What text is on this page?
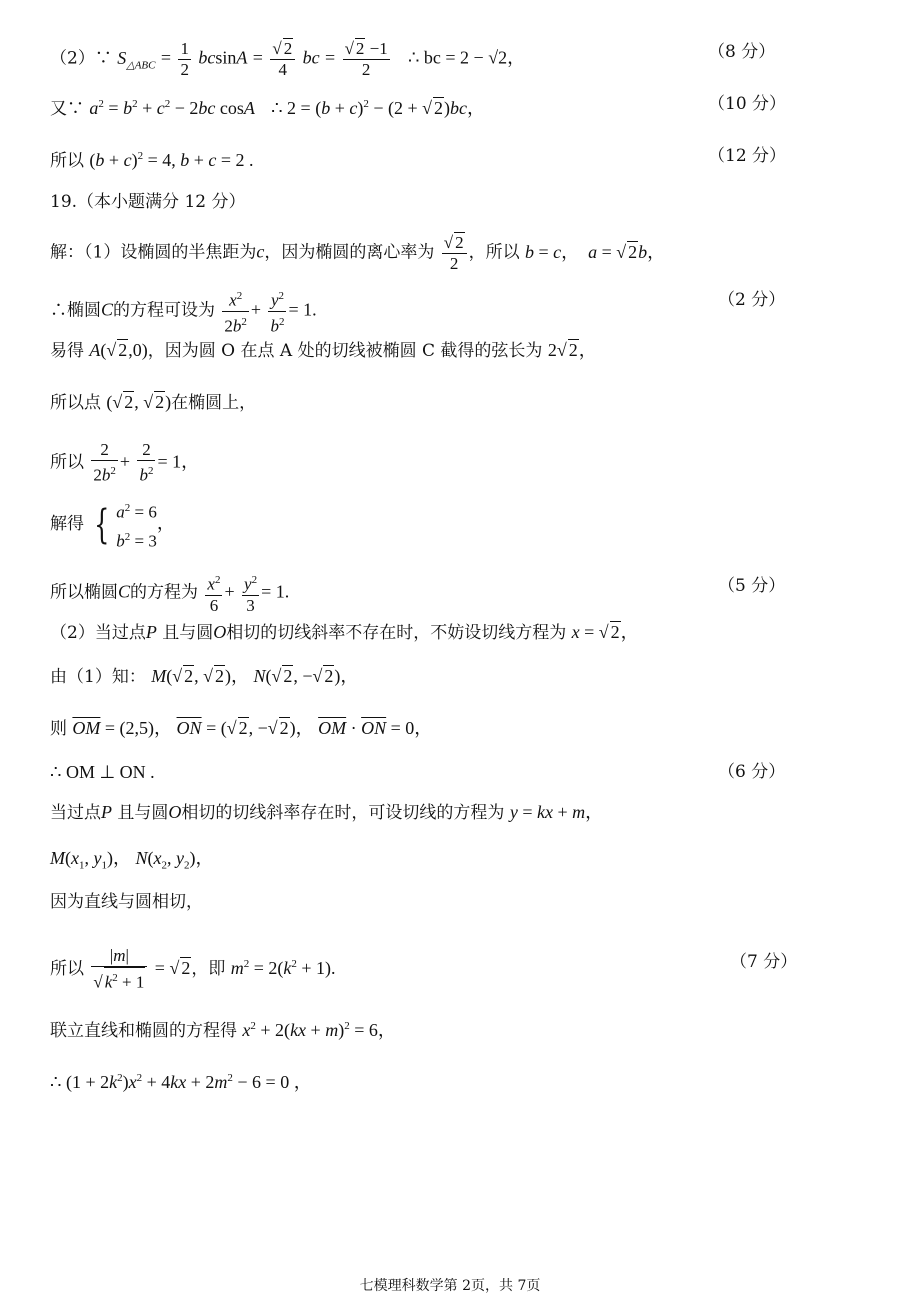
（2）∵ $S_{\triangle ABC} = \frac{1}{2}$ $bcsinA = \frac{√ 2}{4}$ bc = $\frac{√ 2 -1}{2}$ ∴ bc = 2 − √2，	（8 分）
又∵ $a^2 = b^2 + c^2 - 2bc$ cosA ∴ $2 = (b + c)^2 - (2$ + √ 2)bc，	（10 分）
所以 $(b + c)^2 = 4$, b + c = 2 .	（12 分）
19.（本小题满分 12 分）
解：（1）设椭圆的半焦距为c，因为椭圆的离心率为 $\frac{√ 2}{2}$ ，所以 b = c，  a = √ 2b，
∴椭圆C的方程可设为 $\frac{x^2}{2b^2} + \frac{y^2}{b^2} = 1$.	（2 分）
易得 A(√ 2,0)，因为圆 O 在点 A 处的切线被椭圆 C 截得的弦长为 2√ 2，
所以点 (√ 2, √ 2)在椭圆上，
所以 $\frac{2}{2b^2} + \frac{2}{b^2} = 1$，
解得 { $a^2 = 6$
$b^2 = 3$
，
所以椭圆C的方程为 $\frac{x^2}{6} + \frac{y^2}{3} = 1$.	（5 分）
（2）当过点P 且与圆O相切的切线斜率不存在时，不妨设切线方程为 x = √ 2，
由（1）知： M(√ 2, √ 2)， N(√ 2, −√ 2)，
则 $\overline{OM} = (2,5)$， $\overline{ON}$ = (√ 2, −√ 2)， $\overline{OM} \cdot \overline{ON} = 0$，
∴ OM ⊥ ON .	（6 分）
当过点P 且与圆O相切的切线斜率存在时，可设切线的方程为 y = kx + m，
$M(x_1$, $y_1$)， $N(x_2$, $y_2$)，
因为直线与圆相切，
所以 $\frac{|m|}{√ k^2 + 1}$ = √ 2，即 $m^2 = 2(k^2 + 1)$.	（7 分）
联立直线和椭圆的方程得 $x^2 + 2(kx + m)^2 = 6$，
∴ $(1 + 2k^2)x^2 + 4kx + 2m^2 - 6 = 0$ ，
七模理科数学第 2页，共 7页
